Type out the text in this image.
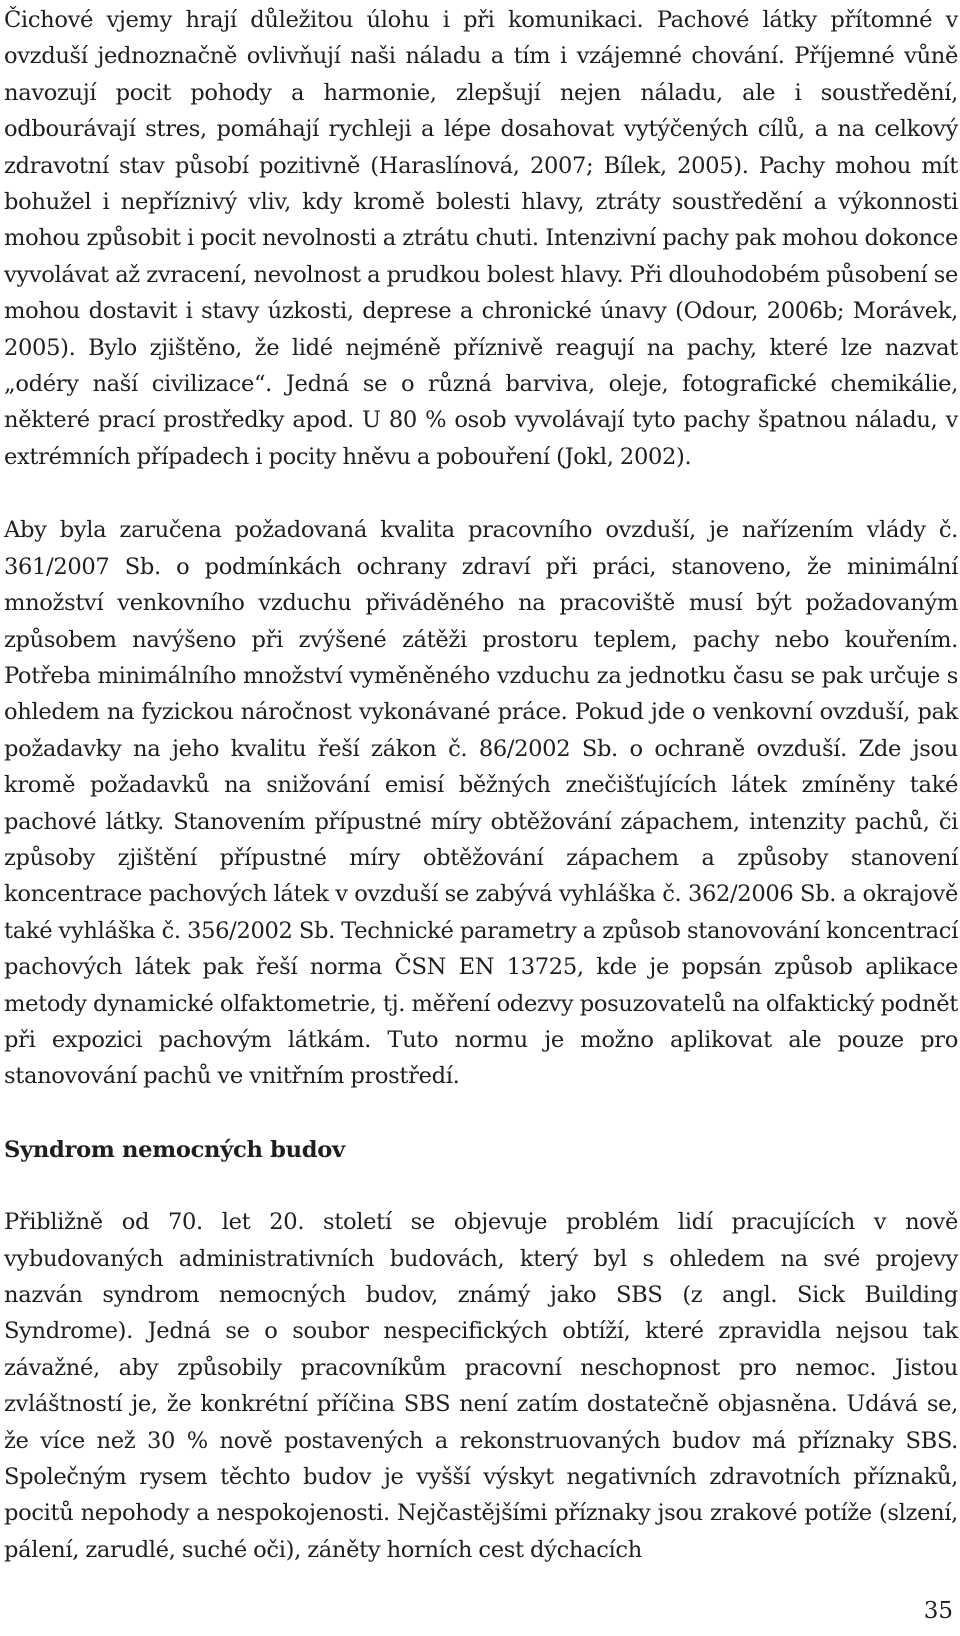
Čichové vjemy hrají důležitou úlohu i při komunikaci. Pachové látky přítomné v ovzduší jednoznačně ovlivňují naši náladu a tím i vzájemné chování. Příjemné vůně navozují pocit pohody a harmonie, zlepšují nejen náladu, ale i soustředění, odbourávají stres, pomáhají rychleji a lépe dosahovat vytýčených cílů, a na celkový zdravotní stav působí pozitivně (Haraslínová, 2007; Bílek, 2005). Pachy mohou mít bohužel i nepříznivý vliv, kdy kromě bolesti hlavy, ztráty soustředění a výkonnosti mohou způsobit i pocit nevolnosti a ztrátu chuti. Intenzivní pachy pak mohou dokonce vyvolávat až zvracení, nevolnost a prudkou bolest hlavy. Při dlouhodobém působení se mohou dostavit i stavy úzkosti, deprese a chronické únavy (Odour, 2006b; Morávek, 2005). Bylo zjištěno, že lidé nejméně příznivě reagují na pachy, které lze nazvat „odéry naší civilizace“. Jedná se o různá barviva, oleje, fotografické chemikálie, některé prací prostředky apod. U 80 % osob vyvolávají tyto pachy špatnou náladu, v extrémních případech i pocity hněvu a pobouření (Jokl, 2002).

Aby byla zaručena požadovaná kvalita pracovního ovzduší, je nařízením vlády č. 361/2007 Sb. o podmínkách ochrany zdraví při práci, stanoveno, že minimální množství venkovního vzduchu přiváděného na pracoviště musí být požadovaným způsobem navýšeno při zvýšené zátěži prostoru teplem, pachy nebo kouřením. Potřeba minimálního množství vyměněného vzduchu za jednotku času se pak určuje s ohledem na fyzickou náročnost vykonávané práce. Pokud jde o venkovní ovzduší, pak požadavky na jeho kvalitu řeší zákon č. 86/2002 Sb. o ochraně ovzduší. Zde jsou kromě požadavků na snižování emisí běžných znečišťujících látek zmíněny také pachové látky. Stanovením přípustné míry obtěžování zápachem, intenzity pachů, či způsoby zjištění přípustné míry obtěžování zápachem a způsoby stanovení koncentrace pachových látek v ovzduší se zabývá vyhláška č. 362/2006 Sb. a okrajově také vyhláška č. 356/2002 Sb. Technické parametry a způsob stanovování koncentrací pachových látek pak řeší norma ČSN EN 13725, kde je popsán způsob aplikace metody dynamické olfaktometrie, tj. měření odezvy posuzovatelů na olfaktický podnět při expozici pachovým látkám. Tuto normu je možno aplikovat ale pouze pro stanovování pachů ve vnitřním prostředí.

Syndrom nemocných budov

Přibližně od 70. let 20. století se objevuje problém lidí pracujících v nově vybudovaných administrativních budovách, který byl s ohledem na své projevy nazván syndrom nemocných budov, známý jako SBS (z angl. Sick Building Syndrome). Jedná se o soubor nespecifických obtíží, které zpravidla nejsou tak závažné, aby způsobily pracovníkům pracovní neschopnost pro nemoc. Jistou zvláštností je, že konkrétní příčina SBS není zatím dostatečně objasněna. Udává se, že více než 30 % nově postavených a rekonstruovaných budov má příznaky SBS. Společným rysem těchto budov je vyšší výskyt negativních zdravotních příznaků, pocitů nepohody a nespokojenosti. Nejčastějšími příznaky jsou zrakové potíže (slzení, pálení, zarudlé, suché oči), záněty horních cest dýchacích

35
